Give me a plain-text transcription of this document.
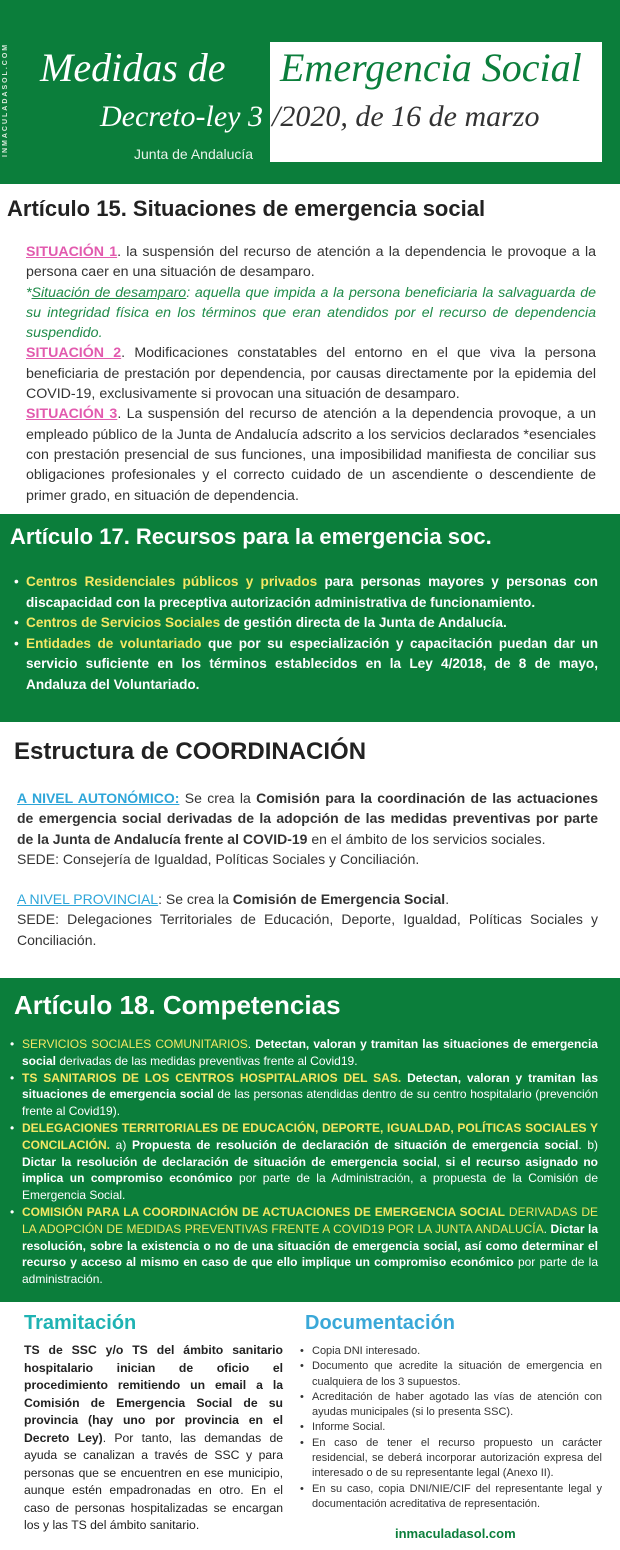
INMACULADASOL.COM Medidas de Emergencia Social
Decreto-ley 3 /2020, de 16 de marzo
Junta de Andalucía
Artículo 15. Situaciones de emergencia social
SITUACIÓN 1. la suspensión del recurso de atención a la dependencia le provoque a la persona caer en una situación de desamparo.
*Situación de desamparo: aquella que impida a la persona beneficiaria la salvaguarda de su integridad física en los términos que eran atendidos por el recurso de dependencia suspendido.
SITUACIÓN 2. Modificaciones constatables del entorno en el que viva la persona beneficiaria de prestación por dependencia, por causas directamente por la epidemia del COVID-19, exclusivamente si provocan una situación de desamparo.
SITUACIÓN 3. La suspensión del recurso de atención a la dependencia provoque, a un empleado público de la Junta de Andalucía adscrito a los servicios declarados *esenciales con prestación presencial de sus funciones, una imposibilidad manifiesta de conciliar sus obligaciones profesionales y el correcto cuidado de un ascendiente o descendiente de primer grado, en situación de dependencia.
Artículo 17. Recursos para la emergencia soc.
• Centros Residenciales públicos y privados para personas mayores y personas con discapacidad con la preceptiva autorización administrativa de funcionamiento.
• Centros de Servicios Sociales de gestión directa de la Junta de Andalucía.
• Entidades de voluntariado que por su especialización y capacitación puedan dar un servicio suficiente en los términos establecidos en la Ley 4/2018, de 8 de mayo, Andaluza del Voluntariado.
Estructura de COORDINACIÓN
A NIVEL AUTONÓMICO: Se crea la Comisión para la coordinación de las actuaciones de emergencia social derivadas de la adopción de las medidas preventivas por parte de la Junta de Andalucía frente al COVID-19 en el ámbito de los servicios sociales.
SEDE: Consejería de Igualdad, Políticas Sociales y Conciliación.
A NIVEL PROVINCIAL: Se crea la Comisión de Emergencia Social.
SEDE: Delegaciones Territoriales de Educación, Deporte, Igualdad, Políticas Sociales y Conciliación.
Artículo 18. Competencias
• SERVICIOS SOCIALES COMUNITARIOS. Detectan, valoran y tramitan las situaciones de emergencia social derivadas de las medidas preventivas frente al Covid19.
• TS SANITARIOS DE LOS CENTROS HOSPITALARIOS DEL SAS. Detectan, valoran y tramitan las situaciones de emergencia social de las personas atendidas dentro de su centro hospitalario (prevención frente al Covid19).
• DELEGACIONES TERRITORIALES DE EDUCACIÓN, DEPORTE, IGUALDAD, POLÍTICAS SOCIALES Y CONCILACIÓN. a) Propuesta de resolución de declaración de situación de emergencia social. b) Dictar la resolución de declaración de situación de emergencia social, si el recurso asignado no implica un compromiso económico por parte de la Administración, a propuesta de la Comisión de Emergencia Social.
• COMISIÓN PARA LA COORDINACIÓN DE ACTUACIONES DE EMERGENCIA SOCIAL DERIVADAS DE LA ADOPCIÓN DE MEDIDAS PREVENTIVAS FRENTE A COVID19 POR LA JUNTA ANDALUCÍA. Dictar la resolución, sobre la existencia o no de una situación de emergencia social, así como determinar el recurso y acceso al mismo en caso de que ello implique un compromiso económico por parte de la administración.
Tramitación
TS de SSC y/o TS del ámbito sanitario hospitalario inician de oficio el procedimiento remitiendo un email a la Comisión de Emergencia Social de su provincia (hay uno por provincia en el Decreto Ley). Por tanto, las demandas de ayuda se canalizan a través de SSC y para personas que se encuentren en ese municipio, aunque estén empadronadas en otro. En el caso de personas hospitalizadas se encargan los y las TS del ámbito sanitario.
Documentación
• Copia DNI interesado.
• Documento que acredite la situación de emergencia en cualquiera de los 3 supuestos.
• Acreditación de haber agotado las vías de atención con ayudas municipales (si lo presenta SSC).
• Informe Social.
• En caso de tener el recurso propuesto un carácter residencial, se deberá incorporar autorización expresa del interesado o de su representante legal (Anexo II).
• En su caso, copia DNI/NIE/CIF del representante legal y documentación acreditativa de representación.
inmaculadasol.com
